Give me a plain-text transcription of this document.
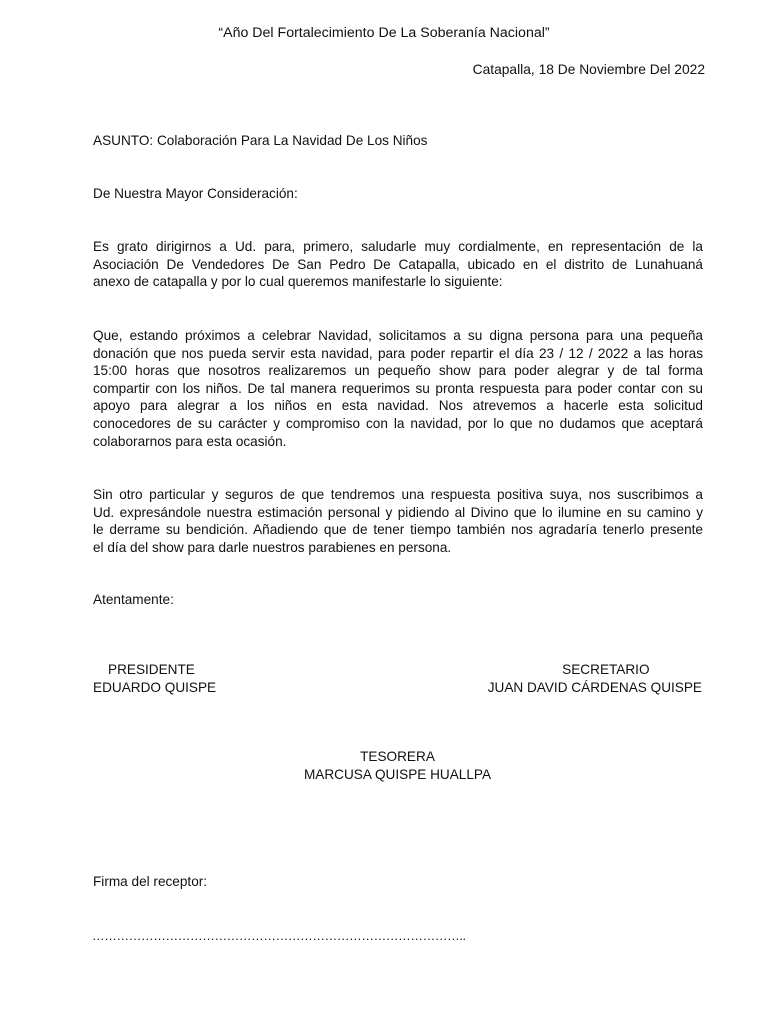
“Año Del Fortalecimiento De La Soberanía Nacional”
Catapalla, 18 De Noviembre Del 2022
ASUNTO: Colaboración Para La Navidad De Los Niños
De Nuestra Mayor Consideración:
Es grato dirigirnos a Ud. para, primero, saludarle muy cordialmente, en representación de la
Asociación De Vendedores De San Pedro De Catapalla, ubicado en el distrito de Lunahuaná
anexo de catapalla y por lo cual queremos manifestarle lo siguiente:
Que, estando próximos a celebrar Navidad, solicitamos a su digna persona para una pequeña
donación que nos pueda servir esta navidad, para poder repartir el día 23 / 12 / 2022 a las horas
15:00 horas que nosotros realizaremos un pequeño show para poder alegrar y de tal forma
compartir con los niños. De tal manera requerimos su pronta respuesta para poder contar con su
apoyo para alegrar a los niños en esta navidad. Nos atrevemos a hacerle esta solicitud
conocedores de su carácter y compromiso con la navidad, por lo que no dudamos que aceptará
colaborarnos para esta ocasión.
Sin otro particular y seguros de que tendremos una respuesta positiva suya, nos suscribimos a
Ud. expresándole nuestra estimación personal y pidiendo al Divino que lo ilumine en su camino y
le derrame su bendición. Añadiendo que de tener tiempo también nos agradaría tenerlo presente
el día del show para darle nuestros parabienes en persona.
Atentamente:
PRESIDENTE
EDUARDO QUISPE
SECRETARIO
JUAN DAVID CÁRDENAS QUISPE
TESORERA
MARCUSA QUISPE HUALLPA
Firma del receptor:
………………………………………………………………………………..
